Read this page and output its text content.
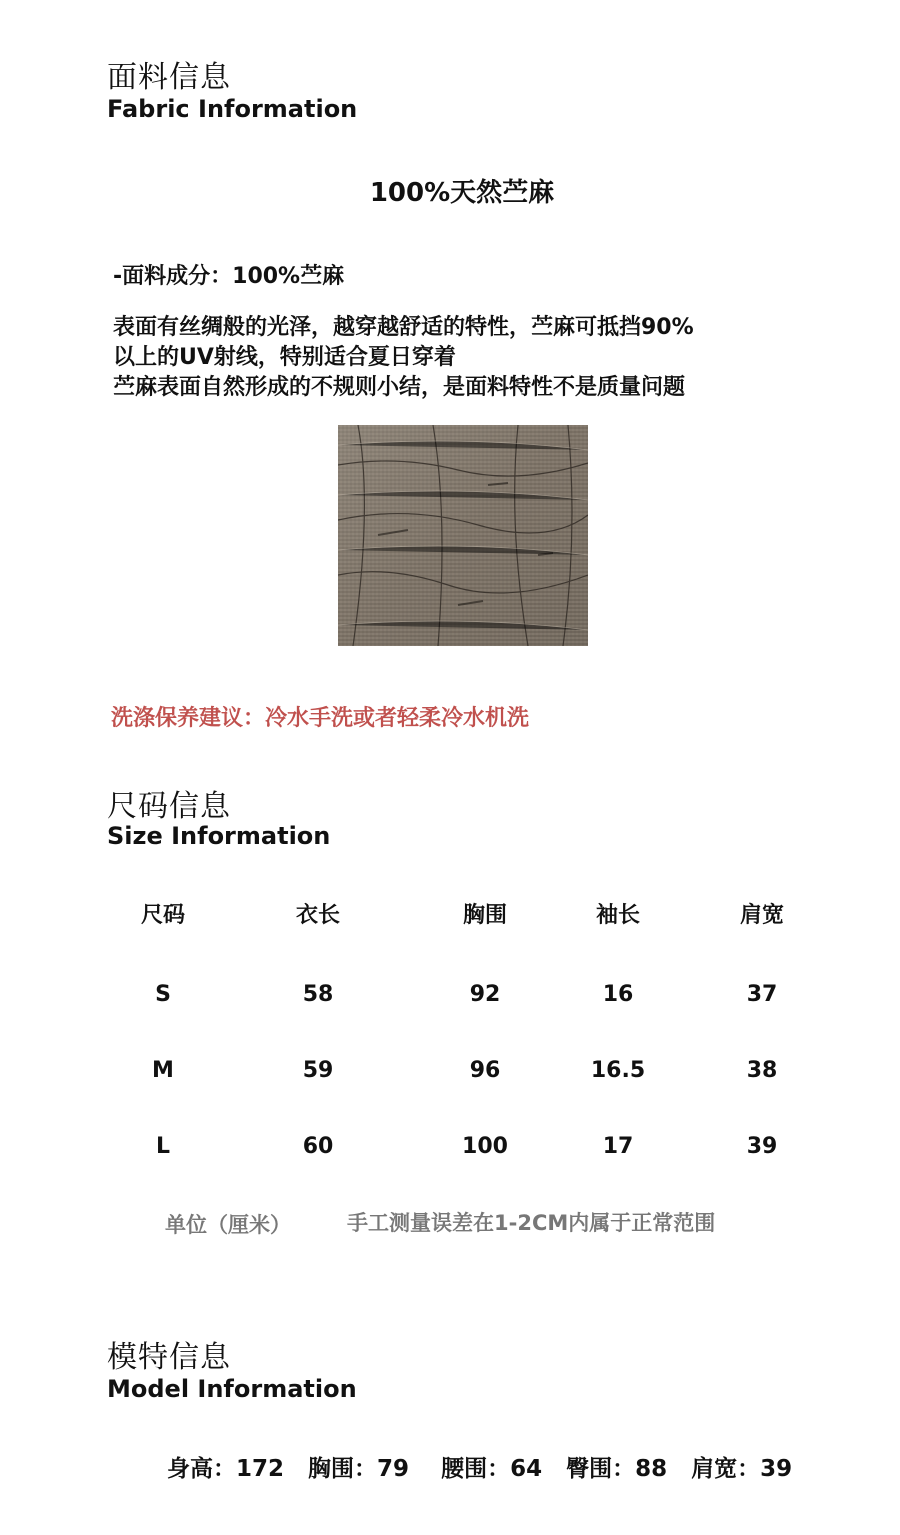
面料信息
Fabric Information
100%天然苎麻
-面料成分：100%苎麻
表面有丝绸般的光泽，越穿越舒适的特性，苎麻可抵挡90%
以上的UV射线，特别适合夏日穿着
苎麻表面自然形成的不规则小结，是面料特性不是质量问题
洗涤保养建议：冷水手洗或者轻柔冷水机洗
尺码信息
Size Information
尺码	衣长	胸围	袖长	肩宽
S	58	92	16	37
M	59	96	16.5	38
L	60	100	17	39
单位（厘米）	手工测量误差在1-2CM内属于正常范围
模特信息
Model Information
身高：172   胸围：79    腰围：64   臀围：88   肩宽：39
